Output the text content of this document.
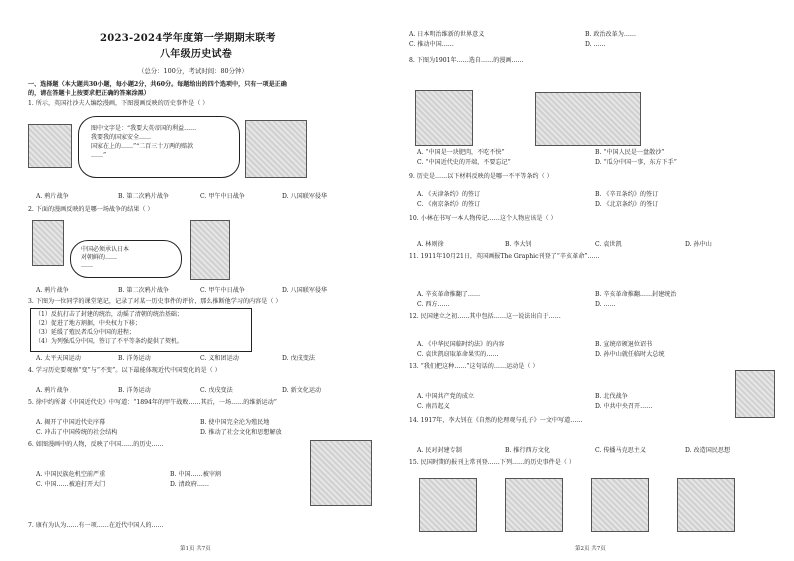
2023-2024学年度第一学期期末联考
八年级历史试卷
（总分：100分，考试时间：80分钟）
一、选择题（本大题共30小题，每小题2分，共60分。每题给出的四个选项中，只有一项是正确
的，请在答题卡上按要求把正确的答案涂黑）
1. 所示，英国社沙夫人编绘漫画，下图漫画反映的历史事件是（ ）
图中文字是：“我要大英帝国的利益……
我要我的国家安全……
国家在上的……”“二百三十万两的赔款
……”
A. 鸦片战争	B. 第二次鸦片战争	C. 甲午中日战争	D. 八国联军侵华
2. 下面的漫画反映的是哪一场战争的结果（ ）
中国必须承认日本
对朝鲜的……
……
A. 鸦片战争	B. 第二次鸦片战争	C. 甲午中日战争	D. 八国联军侵华
3. 下图为一位同学的课堂笔记，记录了对某一历史事件的评价，那么推断他学习的内容是（ ）
（1）反抗打击了封建的统治，动摇了清朝的统治基础；
（2）促进了地方割据，中央权力下移；
（3）延缓了殖民者瓜分中国的进程；
（4）为列强瓜分中国，签订了不平等条约提供了契机。
A. 太平天国运动	B. 洋务运动	C. 义和团运动	D. 戊戌变法
4. 学习历史要观察“变”与“不变”。以下最能体现近代中国变化的是（ ）
A. 鸦片战争	B. 洋务运动	C. 戊戌变法	D. 新文化运动
5. 徐中约所著《中国近代史》中写道：“1894年的甲午战败……其后，一场……的维新运动”
A. 揭开了中国近代史序幕	B. 使中国完全沦为殖民地
C. 冲击了中国传统的社会结构	D. 推动了社会文化和思想解放
6. 如图漫画中的人物，反映了中国……的历史……
A. 中国民族危机空前严重	B. 中国……被宰割
C. 中国……被迫打开大门	D. 清政府……
7. 康有为认为……有一项……在近代中国人的……
第1页 共7页
A. 日本明治维新的世界意义	B. 政治改革为……
C. 推动中国……	D. ……
8. 下图为1901年……选自……的漫画……
A. “中国是一块肥肉，不吃不快”	B. “中国人民是一盘散沙”
C. “中国近代史的开端，不要忘记”	D. “瓜分中国一事，东方下手”
9. 历史是……以下材料反映的是哪一不平等条约（ ）
A. 《天津条约》的签订	B. 《辛丑条约》的签订
C. 《南京条约》的签订	D. 《北京条约》的签订
10. 小林在书写一本人物传记……这个人物应该是（ ）
A. 林则徐	B. 李大钊	C. 袁世凯	D. 孙中山
11. 1911年10月21日，英国画报The Graphic刊登了“辛亥革命”……
A. 辛亥革命推翻了……	B. 辛亥革命推翻……封建统治
C. 西方……	D. ……
12. 民国建立之初……其中包括……这一说法出自于……
A. 《中华民国临时约法》的内容	B. 宣统帝颁退位诏书
C. 袁世凯窃取革命果实的……	D. 孙中山就任临时大总统
13. “我们把这种……”这句话的……运动是（ ）
A. 中国共产党的成立	B. 北伐战争
C. 南昌起义	D. 中共中央召开……
14. 1917年，李大钊在《自然的伦理观与孔子》一文中写道……
A. 民对封建专制	B. 推行西方文化	C. 传播马克思主义	D. 改造国民思想
15. 民国时期的报刊上常刊登……下列……的历史事件是（ ）
第2页 共7页
